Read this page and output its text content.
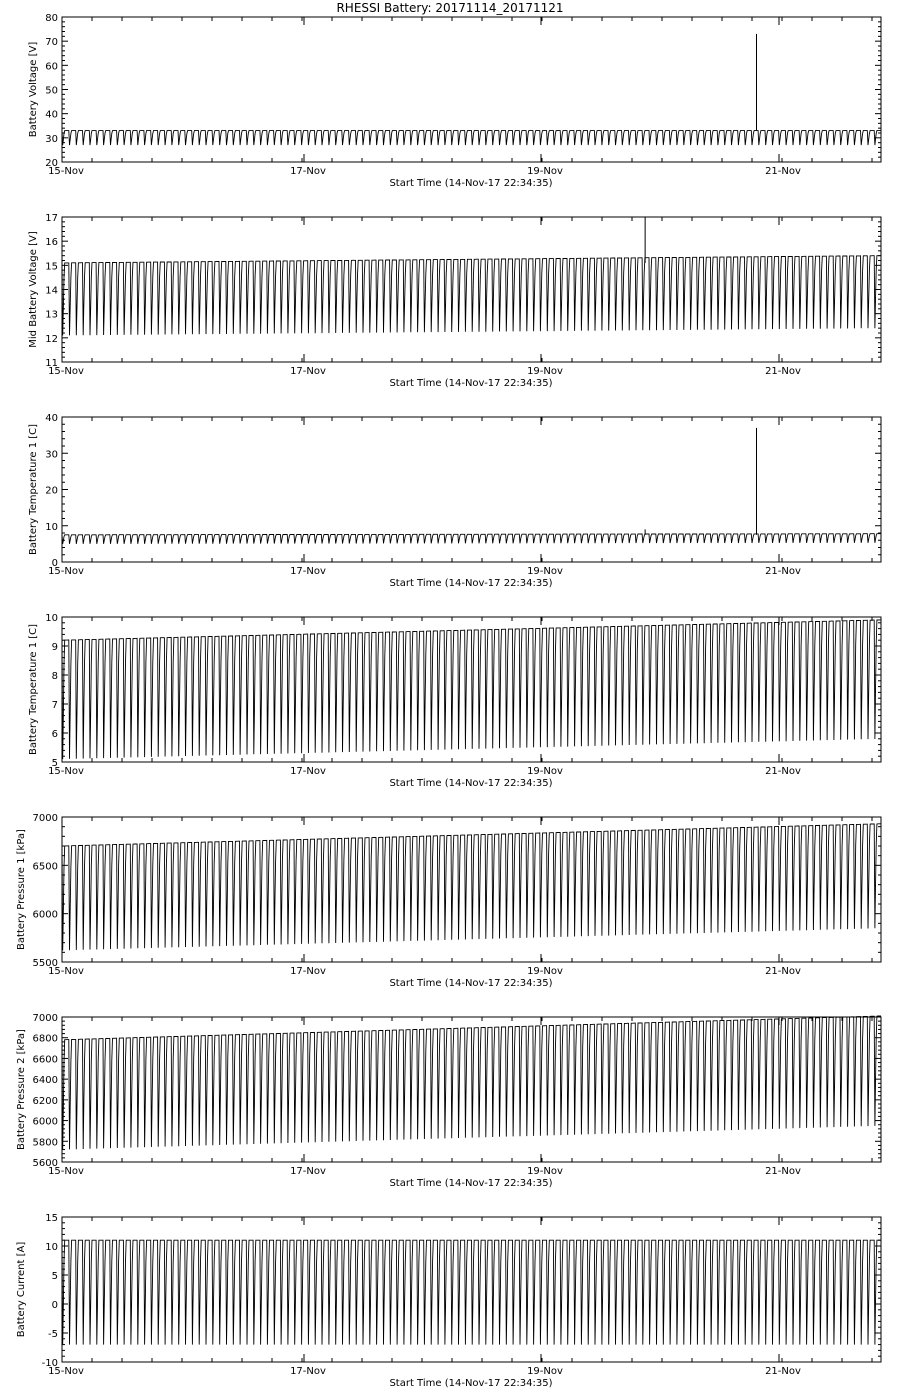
RHESSI Battery: 20171114_20171121
20
30
40
50
60
70
80
15-Nov	17-Nov	19-Nov	21-Nov
Start Time (14-Nov-17 22:34:35)
Battery Voltage [V]
11
12
13
14
15
16
17
15-Nov	17-Nov	19-Nov	21-Nov
Start Time (14-Nov-17 22:34:35)
Mid Battery Voltage [V]
0
10
20
30
40
15-Nov	17-Nov	19-Nov	21-Nov
Start Time (14-Nov-17 22:34:35)
Battery Temperature 1 [C]
5
6
7
8
9
10
15-Nov	17-Nov	19-Nov	21-Nov
Start Time (14-Nov-17 22:34:35)
Battery Temperature 1 [C]
5500
6000
6500
7000
15-Nov	17-Nov	19-Nov	21-Nov
Start Time (14-Nov-17 22:34:35)
Battery Pressure 1 [kPa]
5600
5800
6000
6200
6400
6600
6800
7000
15-Nov	17-Nov	19-Nov	21-Nov
Start Time (14-Nov-17 22:34:35)
Battery Pressure 2 [kPa]
-10
-5
0
5
10
15
15-Nov	17-Nov	19-Nov	21-Nov
Start Time (14-Nov-17 22:34:35)
Battery Current [A]
